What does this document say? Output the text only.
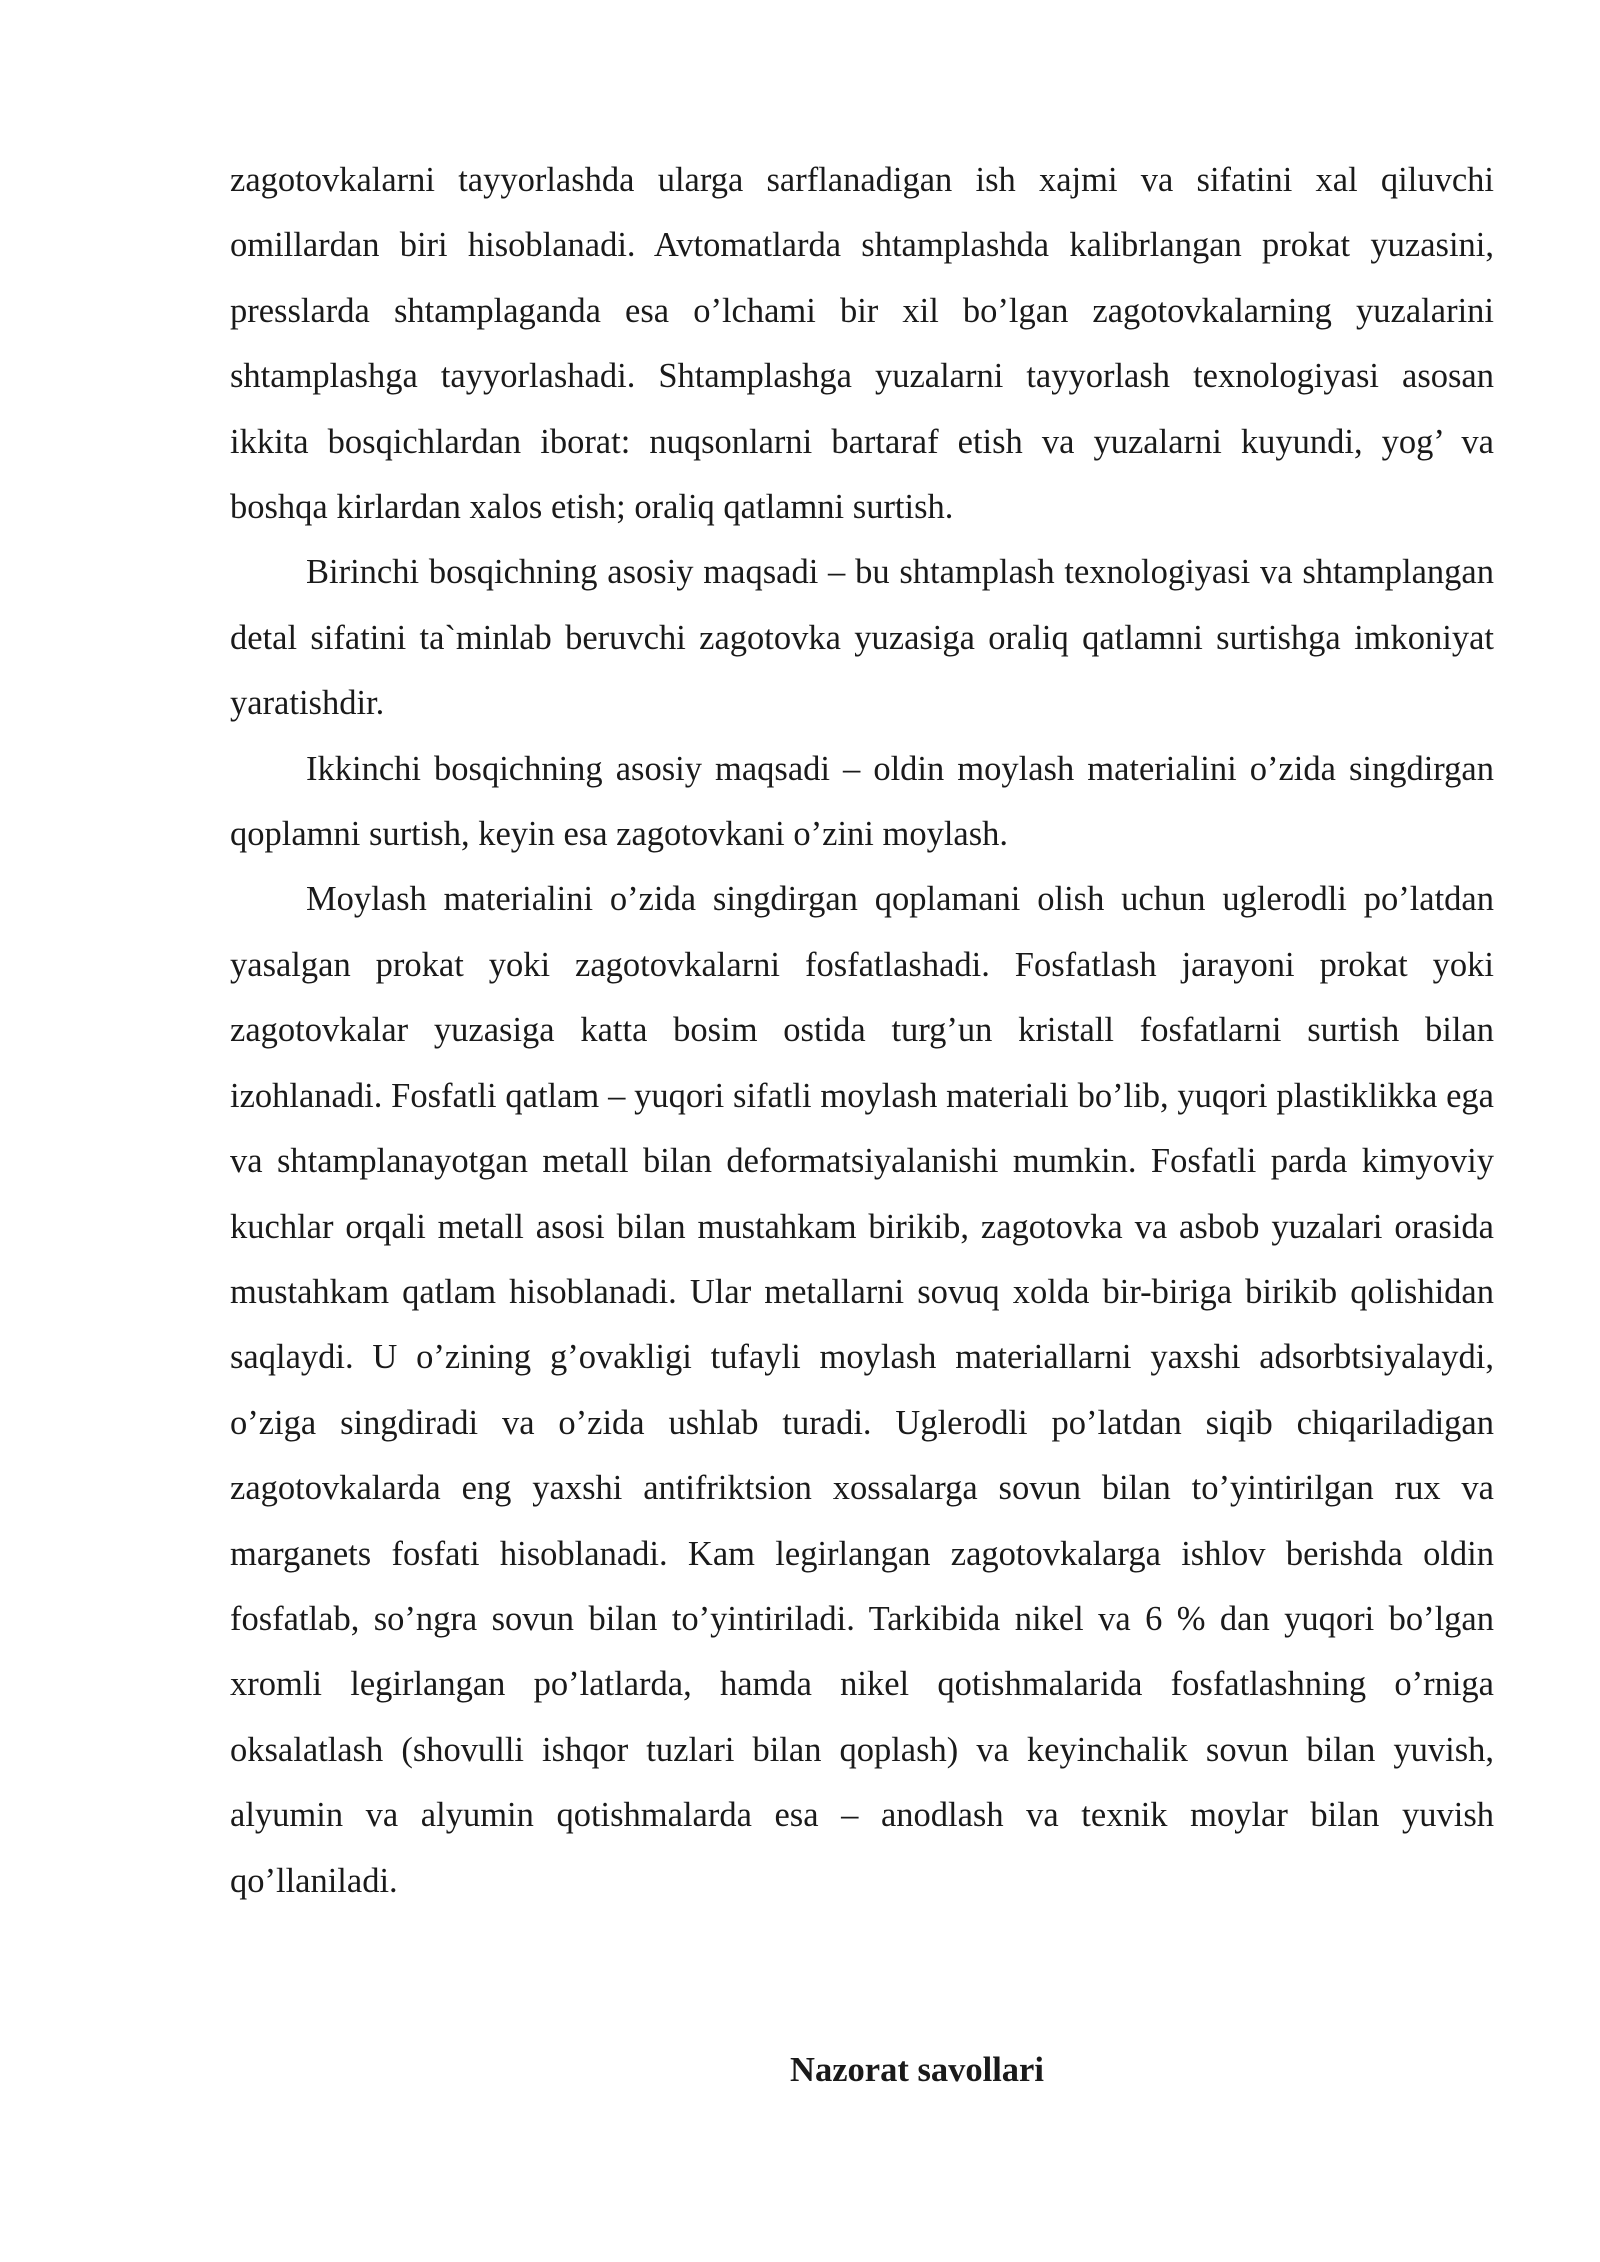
zagotovkalarni tayyorlashda ularga sarflanadigan ish xajmi va sifatini xal qiluvchi omillardan biri hisoblanadi. Avtomatlarda shtamplashda kalibrlangan prokat yuzasini, presslarda shtamplaganda esa o’lchami bir xil bo’lgan zagotovkalarning yuzalarini shtamplashga tayyorlashadi. Shtamplashga yuzalarni tayyorlash texnologiyasi asosan ikkita bosqichlardan iborat: nuqsonlarni bartaraf etish va yuzalarni kuyundi, yog’ va boshqa kirlardan xalos etish; oraliq qatlamni surtish.

Birinchi bosqichning asosiy maqsadi – bu shtamplash texnologiyasi va shtamplangan detal sifatini ta`minlab beruvchi zagotovka yuzasiga oraliq qatlamni surtishga imkoniyat yaratishdir.

Ikkinchi bosqichning asosiy maqsadi – oldin moylash materialini o’zida singdirgan qoplamni surtish, keyin esa zagotovkani o’zini moylash.

Moylash materialini o’zida singdirgan qoplamani olish uchun uglerodli po’latdan yasalgan prokat yoki zagotovkalarni fosfatlashadi. Fosfatlash jarayoni prokat yoki zagotovkalar yuzasiga katta bosim ostida turg’un kristall fosfatlarni surtish bilan izohlanadi. Fosfatli qatlam – yuqori sifatli moylash materiali bo’lib, yuqori plastiklikka ega va shtamplanayotgan metall bilan deformatsiyalanishi mumkin. Fosfatli parda kimyoviy kuchlar orqali metall asosi bilan mustahkam birikib, zagotovka va asbob yuzalari orasida mustahkam qatlam hisoblanadi. Ular metallarni sovuq xolda bir-biriga birikib qolishidan saqlaydi. U o’zining g’ovakligi tufayli moylash materiallarni yaxshi adsorbtsiyalaydi, o’ziga singdiradi va o’zida ushlab turadi. Uglerodli po’latdan siqib chiqariladigan zagotovkalarda eng yaxshi antifriktsion xossalarga sovun bilan to’yintirilgan rux va marganets fosfati hisoblanadi. Kam legirlangan zagotovkalarga ishlov berishda oldin fosfatlab, so’ngra sovun bilan to’yintiriladi. Tarkibida nikel va 6 % dan yuqori bo’lgan xromli legirlangan po’latlarda, hamda nikel qotishmalarida fosfatlashning o’rniga oksalatlash (shovulli ishqor tuzlari bilan qoplash) va keyinchalik sovun bilan yuvish, alyumin va alyumin qotishmalarda esa – anodlash va texnik moylar bilan yuvish qo’llaniladi.

Nazorat savollari
